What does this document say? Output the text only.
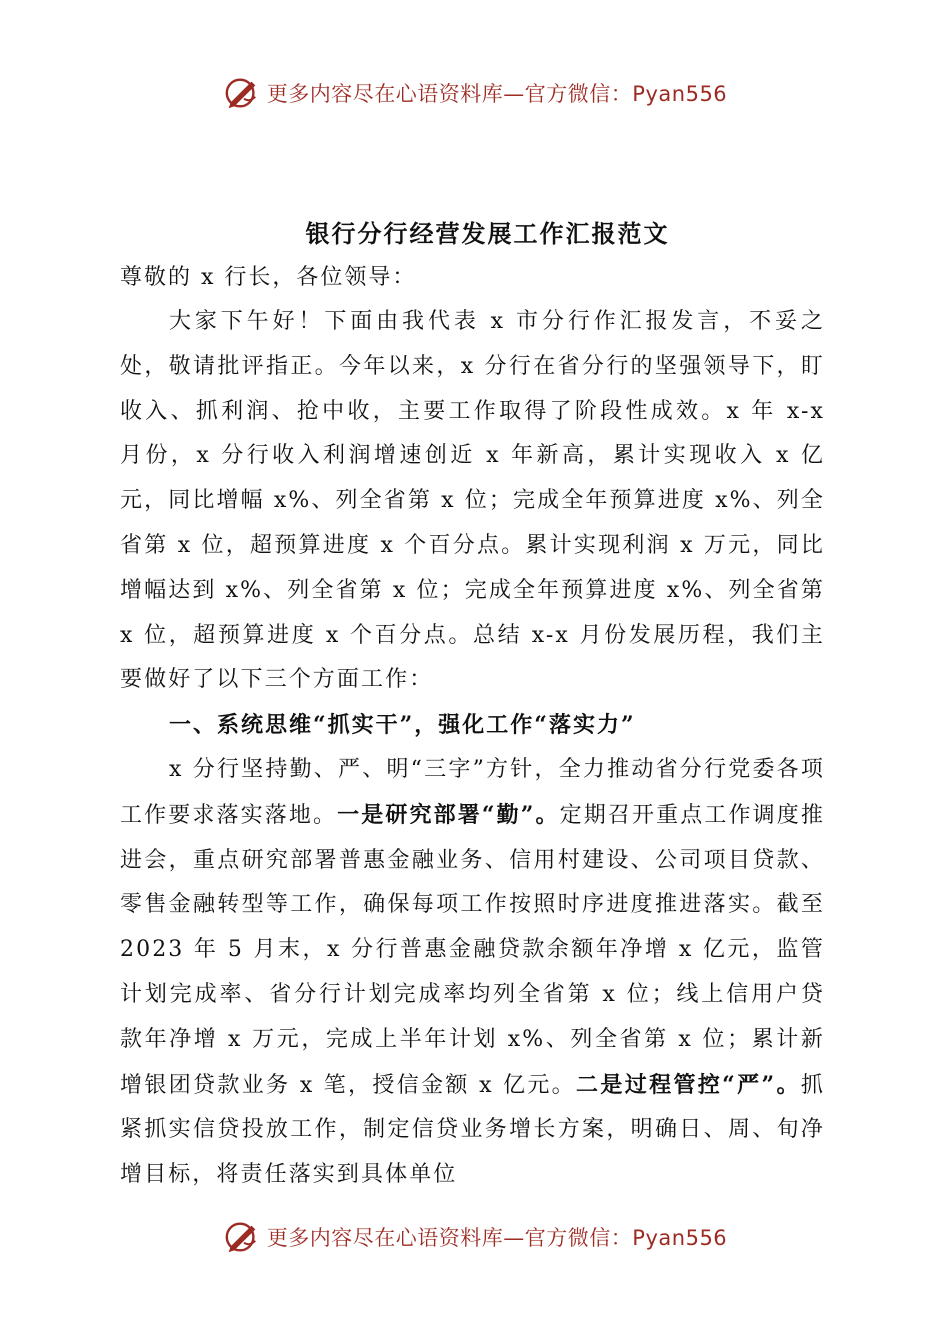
更多内容尽在心语资料库—官方微信：Pyan556
银行分行经营发展工作汇报范文

尊敬的 x 行长，各位领导：

大家下午好！下面由我代表 x 市分行作汇报发言，不妥之处，敬请批评指正。今年以来，x 分行在省分行的坚强领导下，盯收入、抓利润、抢中收，主要工作取得了阶段性成效。x 年 x-x 月份，x 分行收入利润增速创近 x 年新高，累计实现收入 x 亿元，同比增幅 x%、列全省第 x 位；完成全年预算进度 x%、列全省第 x 位，超预算进度 x 个百分点。累计实现利润 x 万元，同比增幅达到 x%、列全省第 x 位；完成全年预算进度 x%、列全省第 x 位，超预算进度 x 个百分点。总结 x-x 月份发展历程，我们主要做好了以下三个方面工作：

一、系统思维“抓实干”，强化工作“落实力”

x 分行坚持勤、严、明“三字”方针，全力推动省分行党委各项工作要求落实落地。一是研究部署“勤”。定期召开重点工作调度推进会，重点研究部署普惠金融业务、信用村建设、公司项目贷款、零售金融转型等工作，确保每项工作按照时序进度推进落实。截至 2023 年 5 月末，x 分行普惠金融贷款余额年净增 x 亿元，监管计划完成率、省分行计划完成率均列全省第 x 位；线上信用户贷款年净增 x 万元，完成上半年计划 x%、列全省第 x 位；累计新增银团贷款业务 x 笔，授信金额 x 亿元。二是过程管控“严”。抓紧抓实信贷投放工作，制定信贷业务增长方案，明确日、周、旬净增目标，将责任落实到具体单位

更多内容尽在心语资料库—官方微信：Pyan556
